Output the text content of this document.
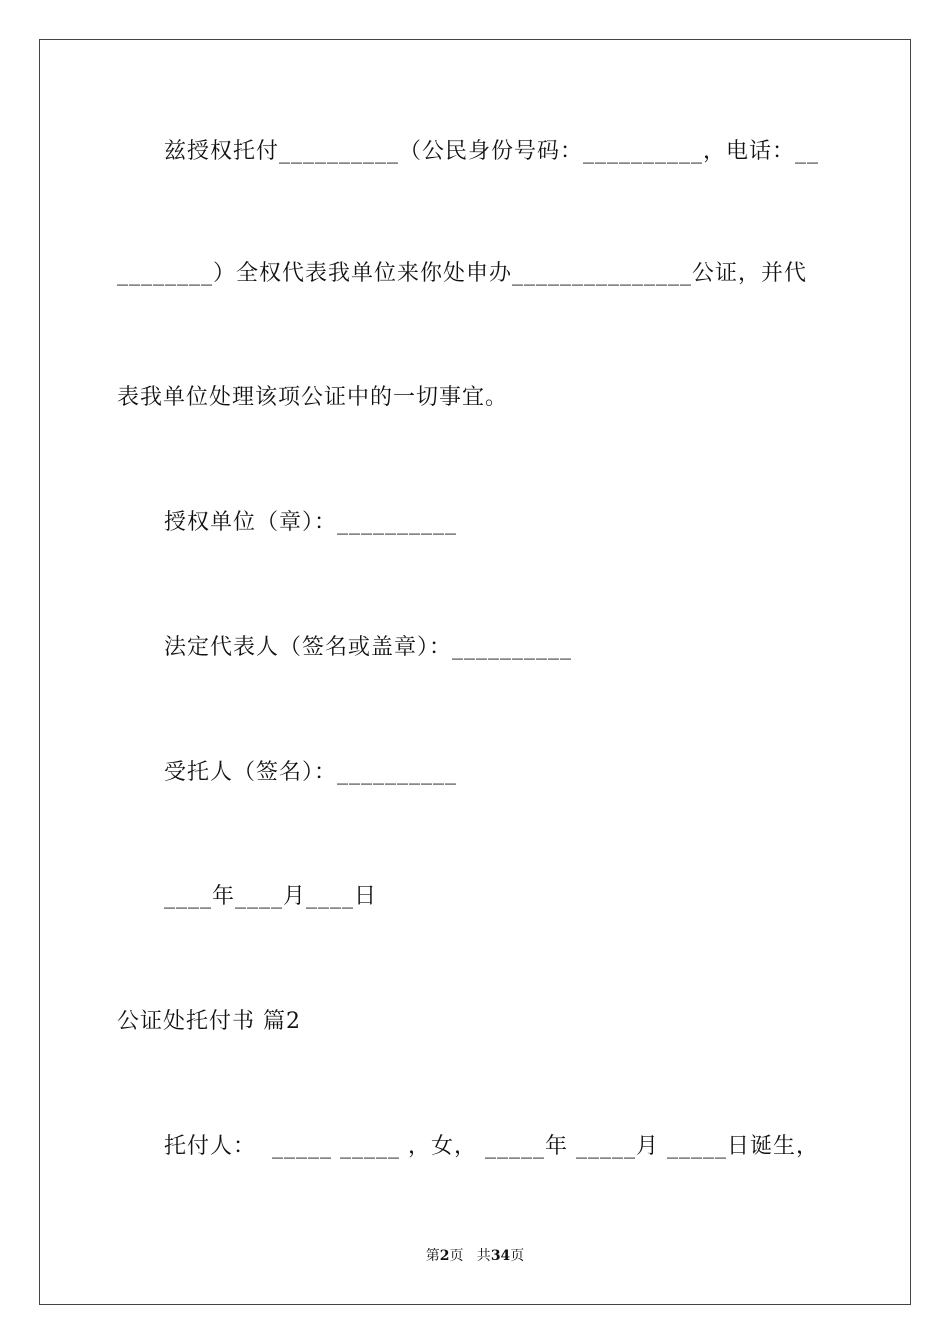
兹授权托付__________（公民身份号码：__________，电话：__
________）全权代表我单位来你处申办_______________公证，并代
表我单位处理该项公证中的一切事宜。
授权单位（章）：__________
法定代表人（签名或盖章）：__________
受托人（签名）：__________
____年____月____日
公证处托付书 篇2
托付人：  _____ _____ ，女， _____年 _____月 _____日诞生，
第2页   共34页
